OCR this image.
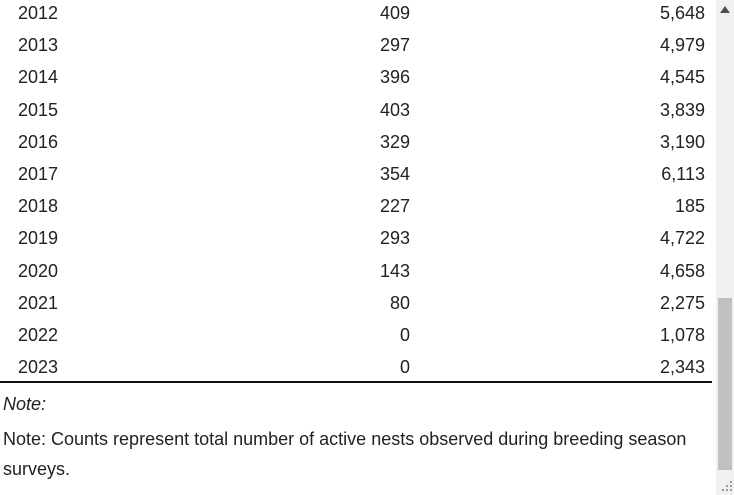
2012	409	5,648
2013	297	4,979
2014	396	4,545
2015	403	3,839
2016	329	3,190
2017	354	6,113
2018	227	185
2019	293	4,722
2020	143	4,658
2021	80	2,275
2022	0	1,078
2023	0	2,343
Note:
Note: Counts represent total number of active nests observed during breeding season surveys.
